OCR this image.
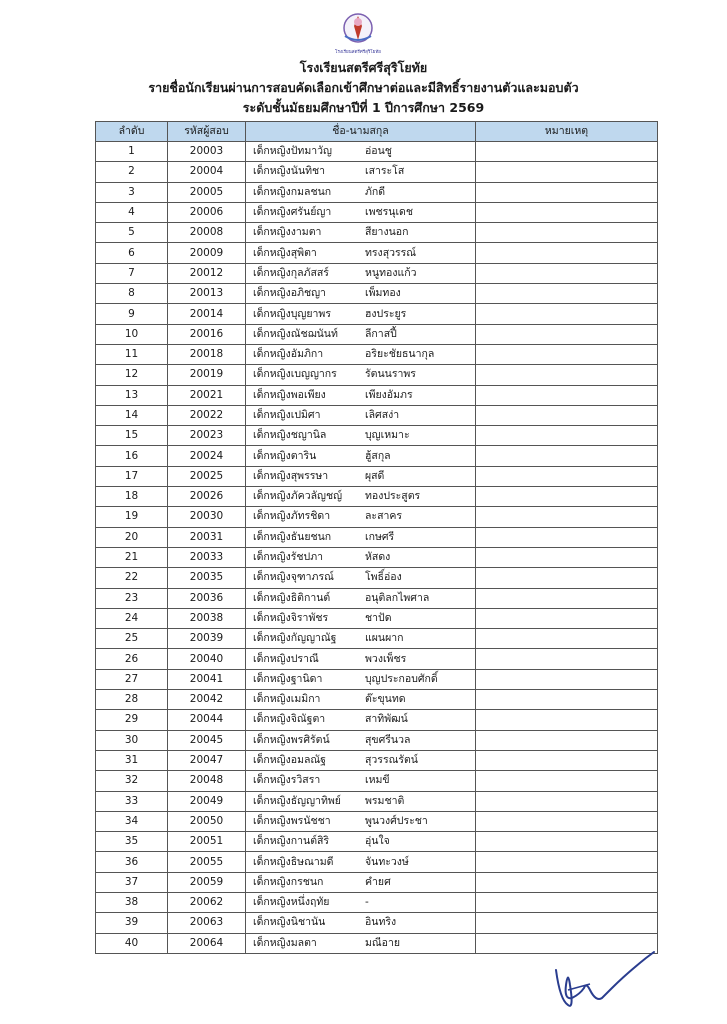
โรงเรียนสตรีศรีสุริโยทัย
โรงเรียนสตรีศรีสุริโยทัย
รายชื่อนักเรียนผ่านการสอบคัดเลือกเข้าศึกษาต่อและมีสิทธิ์รายงานตัวและมอบตัว
ระดับชั้นมัธยมศึกษาปีที่ 1 ปีการศึกษา 2569
ลำดับ	รหัสผู้สอบ	ชื่อ-นามสกุล	หมายเหตุ
1	20003	เด็กหญิงปัทมาวัญ อ่อนชู	
2	20004	เด็กหญิงนันทิชา เสาระโส	
3	20005	เด็กหญิงกมลชนก ภักดี	
4	20006	เด็กหญิงศรันย์ญา เพชรนุเดช	
5	20008	เด็กหญิงงามตา สียางนอก	
6	20009	เด็กหญิงสุพิตา ทรงสุวรรณ์	
7	20012	เด็กหญิงกุลภัสสร์ หนูทองแก้ว	
8	20013	เด็กหญิงอภิชญา เพ็มทอง	
9	20014	เด็กหญิงบุญยาพร ฮงประยูร	
10	20016	เด็กหญิงณัชฌนันท์ ลีกาสปี้	
11	20018	เด็กหญิงอัมภิกา อริยะชัยธนากุล	
12	20019	เด็กหญิงเบญญากร รัตนนราพร	
13	20021	เด็กหญิงพอเพียง เพียงอัมภร	
14	20022	เด็กหญิงเปมิศา เลิศสง่า	
15	20023	เด็กหญิงชญานิล บุญเหมาะ	
16	20024	เด็กหญิงตาริน ฮู้สกุล	
17	20025	เด็กหญิงสุพรรษา ผุสดี	
18	20026	เด็กหญิงภัควลัญชญ์ ทองประสูตร	
19	20030	เด็กหญิงภัทรชิดา ละสาคร	
20	20031	เด็กหญิงธันยชนก เกษศรี	
21	20033	เด็กหญิงรัชปภา หัสดง	
22	20035	เด็กหญิงจุฑาภรณ์ โพธิ์อ่อง	
23	20036	เด็กหญิงธิติกานต์ อนุติลกไพศาล	
24	20038	เด็กหญิงจิราพัชร ชาปัด	
25	20039	เด็กหญิงกัญญาณัฐ แผนผาก	
26	20040	เด็กหญิงปราณี พวงเพ็ชร	
27	20041	เด็กหญิงฐานิดา บุญประกอบศักดิ์	
28	20042	เด็กหญิงเมมิกา ต๊ะขุนทด	
29	20044	เด็กหญิงจิณัฐตา สาทิพัฒน์	
30	20045	เด็กหญิงพรศิรัตน์ สุขศรีนวล	
31	20047	เด็กหญิงอมลณัฐ สุวรรณรัตน์	
32	20048	เด็กหญิงรวิสรา เหมขี	
33	20049	เด็กหญิงธัญญาทิพย์ พรมชาติ	
34	20050	เด็กหญิงพรนัชชา พูนวงศ์ประชา	
35	20051	เด็กหญิงกานต์สิริ อุ่นใจ	
36	20055	เด็กหญิงธิษณามดี จันทะวงษ์	
37	20059	เด็กหญิงกรชนก คำยศ	
38	20062	เด็กหญิงหนึ่งฤทัย -	
39	20063	เด็กหญิงนิชานัน อินทริง	
40	20064	เด็กหญิงมลตา มณีอาย	
